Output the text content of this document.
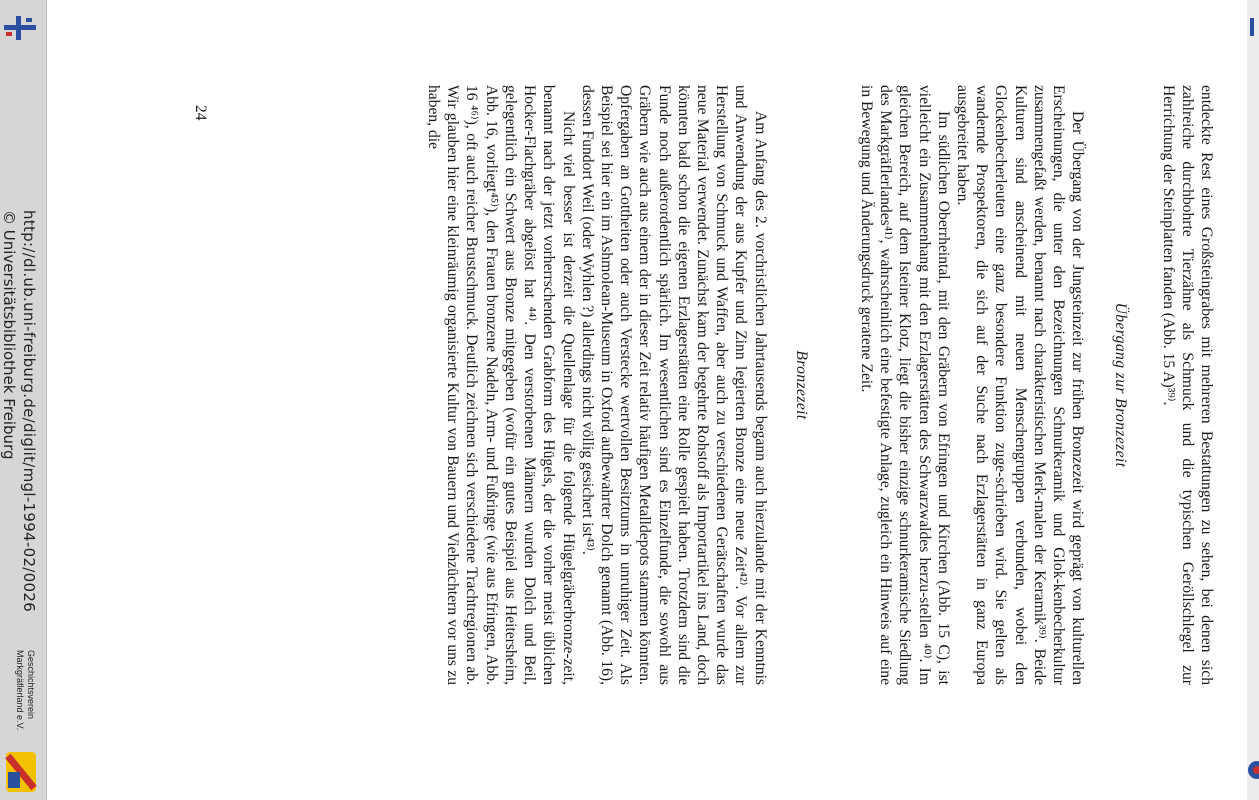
http://dl.ub.uni-freiburg.de/diglit/mgl-1994-02/0026
© Universitätsbibliothek Freiburg
Geschichtsverein
Markgräflerland e.V.

entdeckte Rest eines Großsteingrabes mit mehreren Bestattungen zu sehen, bei denen sich zahlreiche durchbohrte Tierzähne als Schmuck und die typischen Geröllschlegel zur Herrichtung der Steinplatten fanden (Abb. 15 A)³⁹⁾.

Übergang zur Bronzezeit

Der Übergang von der Jungsteinzeit zur frühen Bronzezeit wird geprägt von kulturellen Erscheinungen, die unter den Bezeichnungen Schnurkeramik und Glok-kenbecherkultur zusammengefaßt werden, benannt nach charakteristischen Merk-malen der Keramik³⁹⁾. Beide Kulturen sind anscheinend mit neuen Menschengruppen verbunden, wobei den Glockenbecherleuten eine ganz besondere Funktion zuge-schrieben wird. Sie gelten als wandernde Prospektoren, die sich auf der Suche nach Erzlagerstätten in ganz Europa ausgebreitet haben.

Im südlichen Oberrheintal, mit den Gräbern von Efringen und Kirchen (Abb. 15 C), ist vielleicht ein Zusammenhang mit den Erzlagerstätten des Schwarzwaldes herzu-stellen ⁴⁰⁾. Im gleichen Bereich, auf dem Isteiner Klotz, liegt die bisher einzige schnurkeramische Siedlung des Markgräflerlandes⁴¹⁾, wahrscheinlich eine befestigte Anlage, zugleich ein Hinweis auf eine in Bewegung und Änderungsdruck geratene Zeit.

Bronzezeit

Am Anfang des 2. vorchristlichen Jahrtausends begann auch hierzulande mit der Kenntnis und Anwendung der aus Kupfer und Zinn legierten Bronze eine neue Zeit⁴²⁾. Vor allem zur Herstellung von Schmuck und Waffen, aber auch zu verschiedenen Gerätschaften wurde das neue Material verwendet. Zunächst kam der begehrte Rohstoff als Importartikel ins Land, doch könnten bald schon die eigenen Erzlagerstätten eine Rolle gespielt haben. Trotzdem sind die Funde noch außerordentlich spärlich. Im wesentlichen sind es Einzelfunde, die sowohl aus Gräbern wie auch aus einem der in dieser Zeit relativ häufigen Metalldepots stammen könnten. Opfergaben an Gottheiten oder auch Verstecke wertvollen Besitztums in unruhiger Zeit. Als Beispiel sei hier ein im Ashmolean-Museum in Oxford aufbewahrter Dolch genannt (Abb. 16), dessen Fundort Weil (oder Wyhlen ?) allerdings nicht völlig gesichert ist⁴³⁾.

Nicht viel besser ist derzeit die Quellenlage für die folgende Hügelgräberbronze-zeit, benannt nach der jetzt vorherrschenden Grabform des Hügels, der die vorher meist üblichen Hocker-Flachgräber abgelöst hat ⁴⁴⁾. Den verstorbenen Männern wurden Dolch und Beil, gelegentlich ein Schwert aus Bronze mitgegeben (wofür ein gutes Beispiel aus Heitersheim, Abb. 16, vorliegt⁴⁵⁾), den Frauen bronzene Nadeln, Arm- und Fußringe (wie aus Efringen, Abb. 16 ⁴⁶⁾), oft auch reicher Brustschmuck. Deutlich zeichnen sich verschiedene Trachtregionen ab. Wir glauben hier eine kleinräumig organisierte Kultur von Bauern und Viehzüchtern vor uns zu haben, die

24
